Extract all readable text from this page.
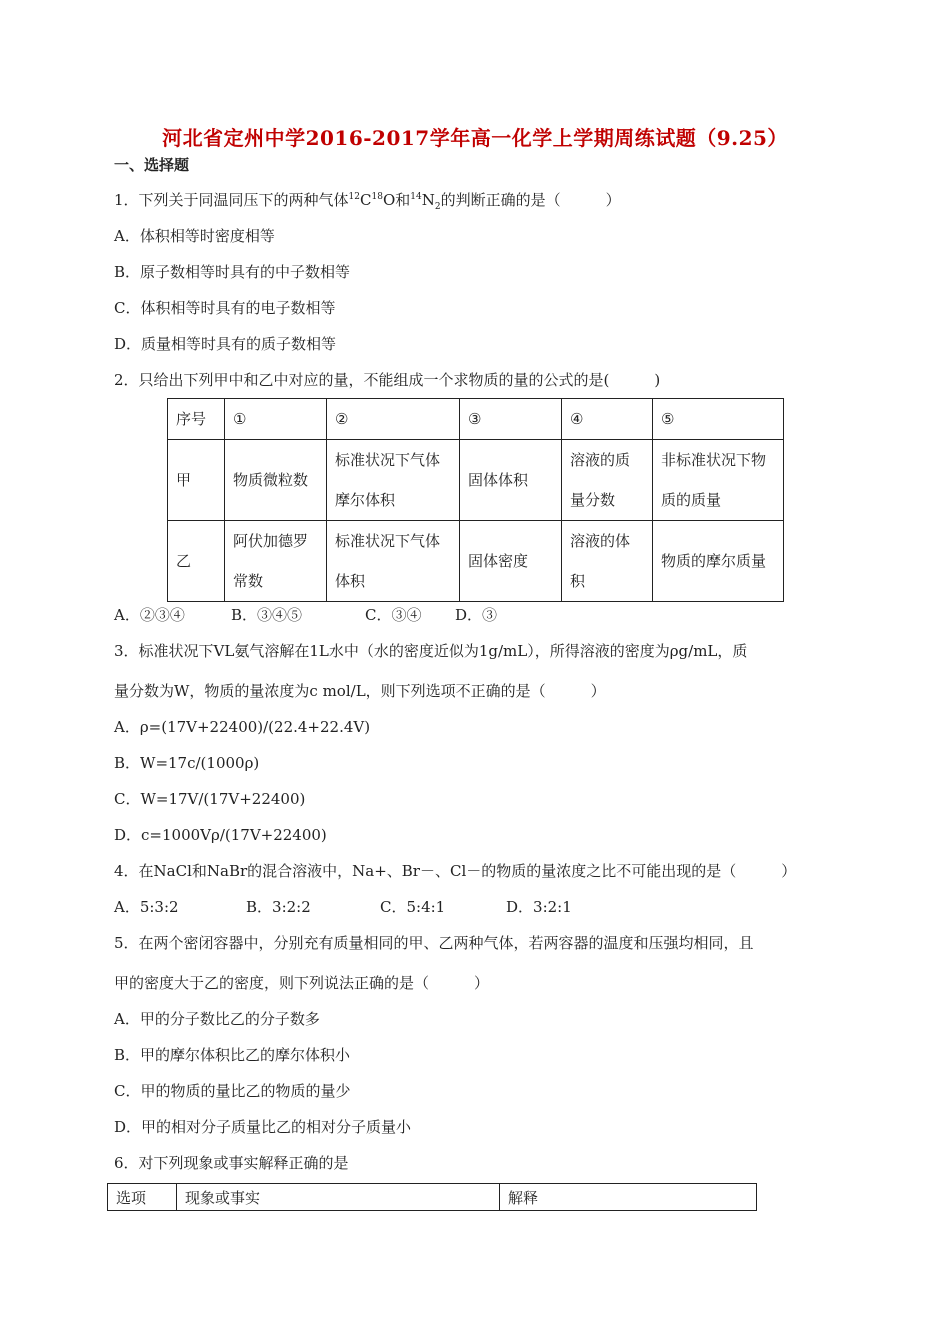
河北省定州中学2016-2017学年高一化学上学期周练试题（9.25）
一、选择题
1．下列关于同温同压下的两种气体$^{12}C^{18}O$和$^{14}N_2$的判断正确的是（　　　）
A．体积相等时密度相等
B．原子数相等时具有的中子数相等
C．体积相等时具有的电子数相等
D．质量相等时具有的质子数相等
2．只给出下列甲中和乙中对应的量，不能组成一个求物质的量的公式的是(　　　)
序号	①	②	③	④	⑤
甲	物质微粒数	标准状况下气体摩尔体积	固体体积	溶液的质量分数	非标准状况下物质的质量
乙	阿伏加德罗常数	标准状况下气体体积	固体密度	溶液的体积	物质的摩尔质量
A．②③④	B．③④⑤	C．③④ D．③
3．标准状况下VL氨气溶解在1L水中（水的密度近似为1g/mL），所得溶液的密度为ρg/mL，质
量分数为W，物质的量浓度为c mol/L，则下列选项不正确的是（　　　）
A．ρ=(17V+22400)/(22.4+22.4V)
B．W=17c/(1000ρ)
C．W=17V/(17V+22400)
D．c=1000Vρ/(17V+22400)
4．在NaCl和NaBr的混合溶液中，Na+、Br－、Cl－的物质的量浓度之比不可能出现的是（　　　）
A．5:3:2	B．3:2:2	C．5:4:1	D．3:2:1
5．在两个密闭容器中，分别充有质量相同的甲、乙两种气体，若两容器的温度和压强均相同，且
甲的密度大于乙的密度，则下列说法正确的是（　　　）
A．甲的分子数比乙的分子数多
B．甲的摩尔体积比乙的摩尔体积小
C．甲的物质的量比乙的物质的量少
D．甲的相对分子质量比乙的相对分子质量小
6．对下列现象或事实解释正确的是
选项	现象或事实	解释
